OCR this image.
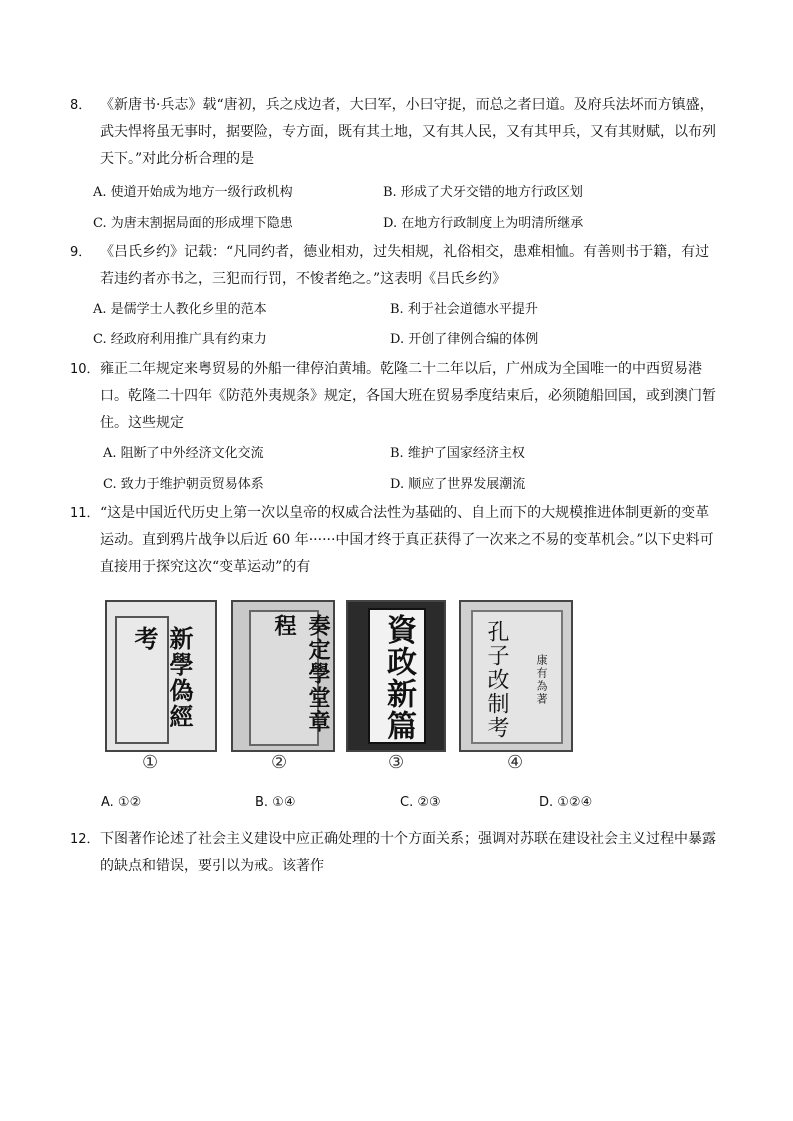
8． 《新唐书·兵志》载“唐初，兵之戍边者，大曰军，小曰守捉，而总之者曰道。及府兵法坏而方镇盛，武夫悍将虽无事时，据要险，专方面，既有其土地，又有其人民，又有其甲兵，又有其财赋，以布列天下。”对此分析合理的是
A. 使道开始成为地方一级行政机构	B. 形成了犬牙交错的地方行政区划
C. 为唐末割据局面的形成埋下隐患	D. 在地方行政制度上为明清所继承
9． 《吕氏乡约》记载：“凡同约者，德业相劝，过失相规，礼俗相交，患难相恤。有善则书于籍，有过若违约者亦书之，三犯而行罚，不悛者绝之。”这表明《吕氏乡约》
A. 是儒学士人教化乡里的范本	B. 利于社会道德水平提升
C. 经政府利用推广具有约束力	D. 开创了律例合编的体例
10． 雍正二年规定来粤贸易的外船一律停泊黄埔。乾隆二十二年以后，广州成为全国唯一的中西贸易港口。乾隆二十四年《防范外夷规条》规定，各国大班在贸易季度结束后，必须随船回国，或到澳门暂住。这些规定
A. 阻断了中外经济文化交流	B. 维护了国家经济主权
C. 致力于维护朝贡贸易体系	D. 顺应了世界发展潮流
11． “这是中国近代历史上第一次以皇帝的权威合法性为基础的、自上而下的大规模推进体制更新的变革运动。直到鸦片战争以后近 60 年······中国才终于真正获得了一次来之不易的变革机会。”以下史料可直接用于探究这次“变革运动”的有
新學偽經考
①
奏定學堂章程
②
資政新篇
③
孔子改制考 康有為著
④
A. ①②	B. ①④	C. ②③	D. ①②④
12． 下图著作论述了社会主义建设中应正确处理的十个方面关系；强调对苏联在建设社会主义过程中暴露的缺点和错误，要引以为戒。该著作
